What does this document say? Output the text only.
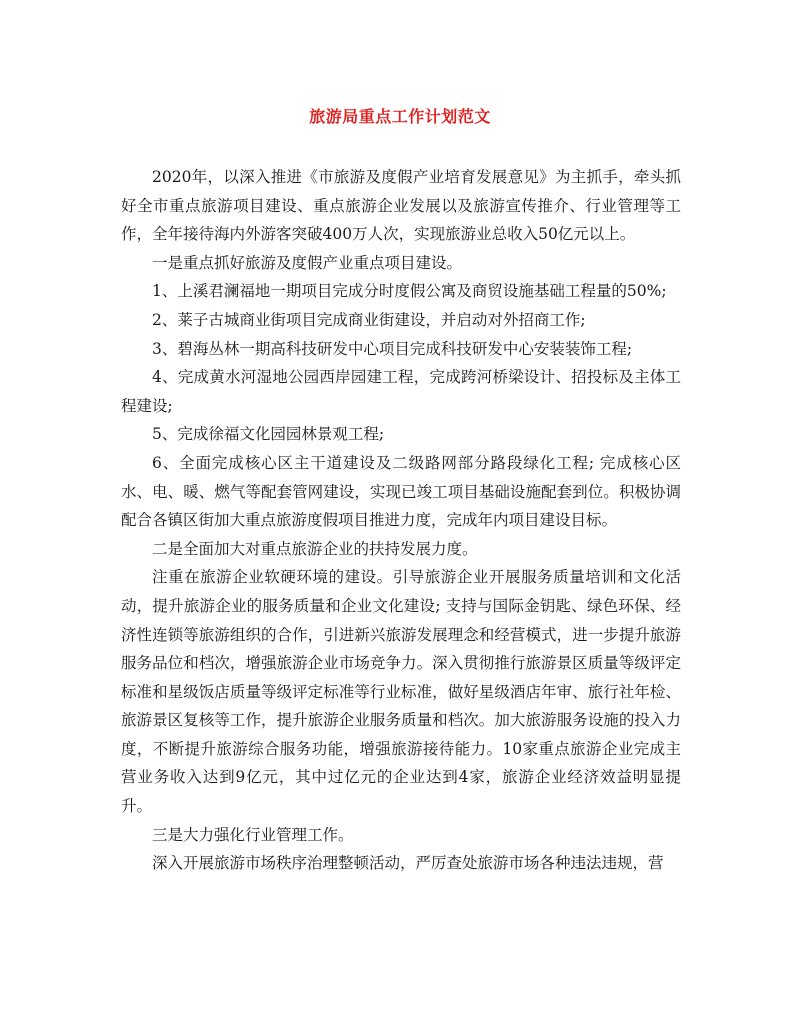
旅游局重点工作计划范文

2020年，以深入推进《市旅游及度假产业培育发展意见》为主抓手，牵头抓好全市重点旅游项目建设、重点旅游企业发展以及旅游宣传推介、行业管理等工作，全年接待海内外游客突破400万人次，实现旅游业总收入50亿元以上。

一是重点抓好旅游及度假产业重点项目建设。

1、上溪君澜福地一期项目完成分时度假公寓及商贸设施基础工程量的50%;

2、莱子古城商业街项目完成商业街建设，并启动对外招商工作;

3、碧海丛林一期高科技研发中心项目完成科技研发中心安装装饰工程;

4、完成黄水河湿地公园西岸园建工程，完成跨河桥梁设计、招投标及主体工程建设;

5、完成徐福文化园园林景观工程;

6、全面完成核心区主干道建设及二级路网部分路段绿化工程; 完成核心区水、电、暖、燃气等配套管网建设，实现已竣工项目基础设施配套到位。积极协调配合各镇区街加大重点旅游度假项目推进力度，完成年内项目建设目标。

二是全面加大对重点旅游企业的扶持发展力度。

注重在旅游企业软硬环境的建设。引导旅游企业开展服务质量培训和文化活动，提升旅游企业的服务质量和企业文化建设; 支持与国际金钥匙、绿色环保、经济性连锁等旅游组织的合作，引进新兴旅游发展理念和经营模式，进一步提升旅游服务品位和档次，增强旅游企业市场竞争力。深入贯彻推行旅游景区质量等级评定标准和星级饭店质量等级评定标准等行业标准，做好星级酒店年审、旅行社年检、旅游景区复核等工作，提升旅游企业服务质量和档次。加大旅游服务设施的投入力度，不断提升旅游综合服务功能，增强旅游接待能力。10家重点旅游企业完成主营业务收入达到9亿元，其中过亿元的企业达到4家，旅游企业经济效益明显提升。

三是大力强化行业管理工作。

深入开展旅游市场秩序治理整顿活动，严厉查处旅游市场各种违法违规，营
